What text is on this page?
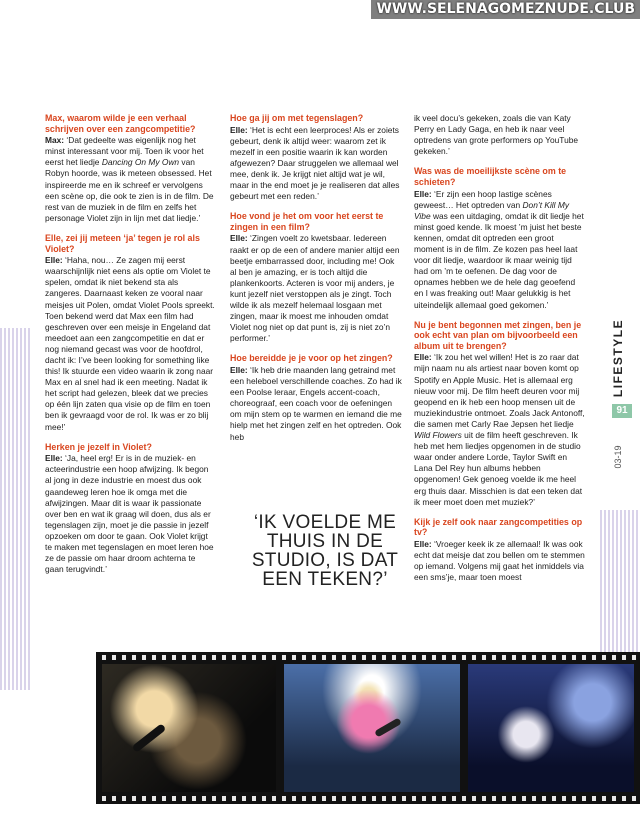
WWW.SELENAGOMEZNUDE.CLUB
LIFESTYLE
91
03-19
Max, waarom wilde je een verhaal schrijven over een zangcompetitie?
Max: ‘Dat gedeelte was eigenlijk nog het minst interessant voor mij. Toen ik voor het eerst het liedje Dancing On My Own van Robyn hoorde, was ik meteen obsessed. Het inspireerde me en ik schreef er vervolgens een scène op, die ook te zien is in de film. De rest van de muziek in de film en zelfs het personage Violet zijn in lijn met dat liedje.’
Elle, zei jij meteen ‘ja’ tegen je rol als Violet?
Elle: ‘Haha, nou… Ze zagen mij eerst waarschijnlijk niet eens als optie om Violet te spelen, omdat ik niet bekend sta als zangeres. Daarnaast keken ze vooral naar meisjes uit Polen, omdat Violet Pools spreekt. Toen bekend werd dat Max een film had geschreven over een meisje in Engeland dat meedoet aan een zangcompetitie en dat er nog niemand gecast was voor de hoofdrol, dacht ik: I’ve been looking for something like this! Ik stuurde een video waarin ik zong naar Max en al snel had ik een meeting. Nadat ik het script had gelezen, bleek dat we precies op één lijn zaten qua visie op de film en toen ben ik gevraagd voor de rol. Ik was er zo blij mee!’
Herken je jezelf in Violet?
Elle: ‘Ja, heel erg! Er is in de muziek- en acteerindustrie een hoop afwijzing. Ik begon al jong in deze industrie en moest dus ook gaandeweg leren hoe ik omga met die afwijzingen. Maar dit is waar ik passionate over ben en wat ik graag wil doen, dus als er tegenslagen zijn, moet je die passie in jezelf opzoeken om door te gaan. Ook Violet krijgt te maken met tegenslagen en moet leren hoe ze de passie om haar droom achterna te gaan terugvindt.’
Hoe ga jij om met tegenslagen?
Elle: ‘Het is echt een leerproces! Als er zoiets gebeurt, denk ik altijd weer: waarom zet ik mezelf in een positie waarin ik kan worden afgewezen? Daar struggelen we allemaal wel mee, denk ik. Je krijgt niet altijd wat je wil, maar in the end moet je je realiseren dat alles gebeurt met een reden.’
Hoe vond je het om voor het eerst te zingen in een film?
Elle: ‘Zingen voelt zo kwetsbaar. Iedereen raakt er op de een of andere manier altijd een beetje embarrassed door, including me! Ook al ben je amazing, er is toch altijd die plankenkoorts. Acteren is voor mij anders, je kunt jezelf niet verstoppen als je zingt. Toch wilde ik als mezelf helemaal losgaan met zingen, maar ik moest me inhouden omdat Violet nog niet op dat punt is, zij is niet zo’n performer.’
Hoe bereidde je je voor op het zingen?
Elle: ‘Ik heb drie maanden lang getraind met een heleboel verschillende coaches. Zo had ik een Poolse leraar, Engels accent-coach, choreograaf, een coach voor de oefeningen om mijn stem op te warmen en iemand die me hielp met het zingen zelf en het optreden. Ook heb
ik veel docu’s gekeken, zoals die van Katy Perry en Lady Gaga, en heb ik naar veel optredens van grote performers op YouTube gekeken.’
Was was de moeilijkste scène om te schieten?
Elle: ‘Er zijn een hoop lastige scènes geweest… Het optreden van Don’t Kill My Vibe was een uitdaging, omdat ik dit liedje het minst goed kende. Ik moest ’m juist het beste kennen, omdat dit optreden een groot moment is in de film. Ze kozen pas heel laat voor dit liedje, waardoor ik maar weinig tijd had om ’m te oefenen. De dag voor de opnames hebben we de hele dag geoefend en I was freaking out! Maar gelukkig is het uiteindelijk allemaal goed gekomen.’
Nu je bent begonnen met zingen, ben je ook echt van plan om bijvoorbeeld een album uit te brengen?
Elle: ‘Ik zou het wel willen! Het is zo raar dat mijn naam nu als artiest naar boven komt op Spotify en Apple Music. Het is allemaal erg nieuw voor mij. De film heeft deuren voor mij geopend en ik heb een hoop mensen uit de muziekindustrie ontmoet. Zoals Jack Antonoff, die samen met Carly Rae Jepsen het liedje Wild Flowers uit de film heeft geschreven. Ik heb met hem liedjes opgenomen in de studio waar onder andere Lorde, Taylor Swift en Lana Del Rey hun albums hebben opgenomen! Gek genoeg voelde ik me heel erg thuis daar. Misschien is dat een teken dat ik meer moet doen met muziek?’
Kijk je zelf ook naar zangcompetities op tv?
Elle: ‘Vroeger keek ik ze allemaal! Ik was ook echt dat meisje dat zou bellen om te stemmen op iemand. Volgens mij gaat het inmiddels via een sms’je, maar toen moest
‘IK VOELDE ME THUIS IN DE STUDIO, IS DAT EEN TEKEN?’
